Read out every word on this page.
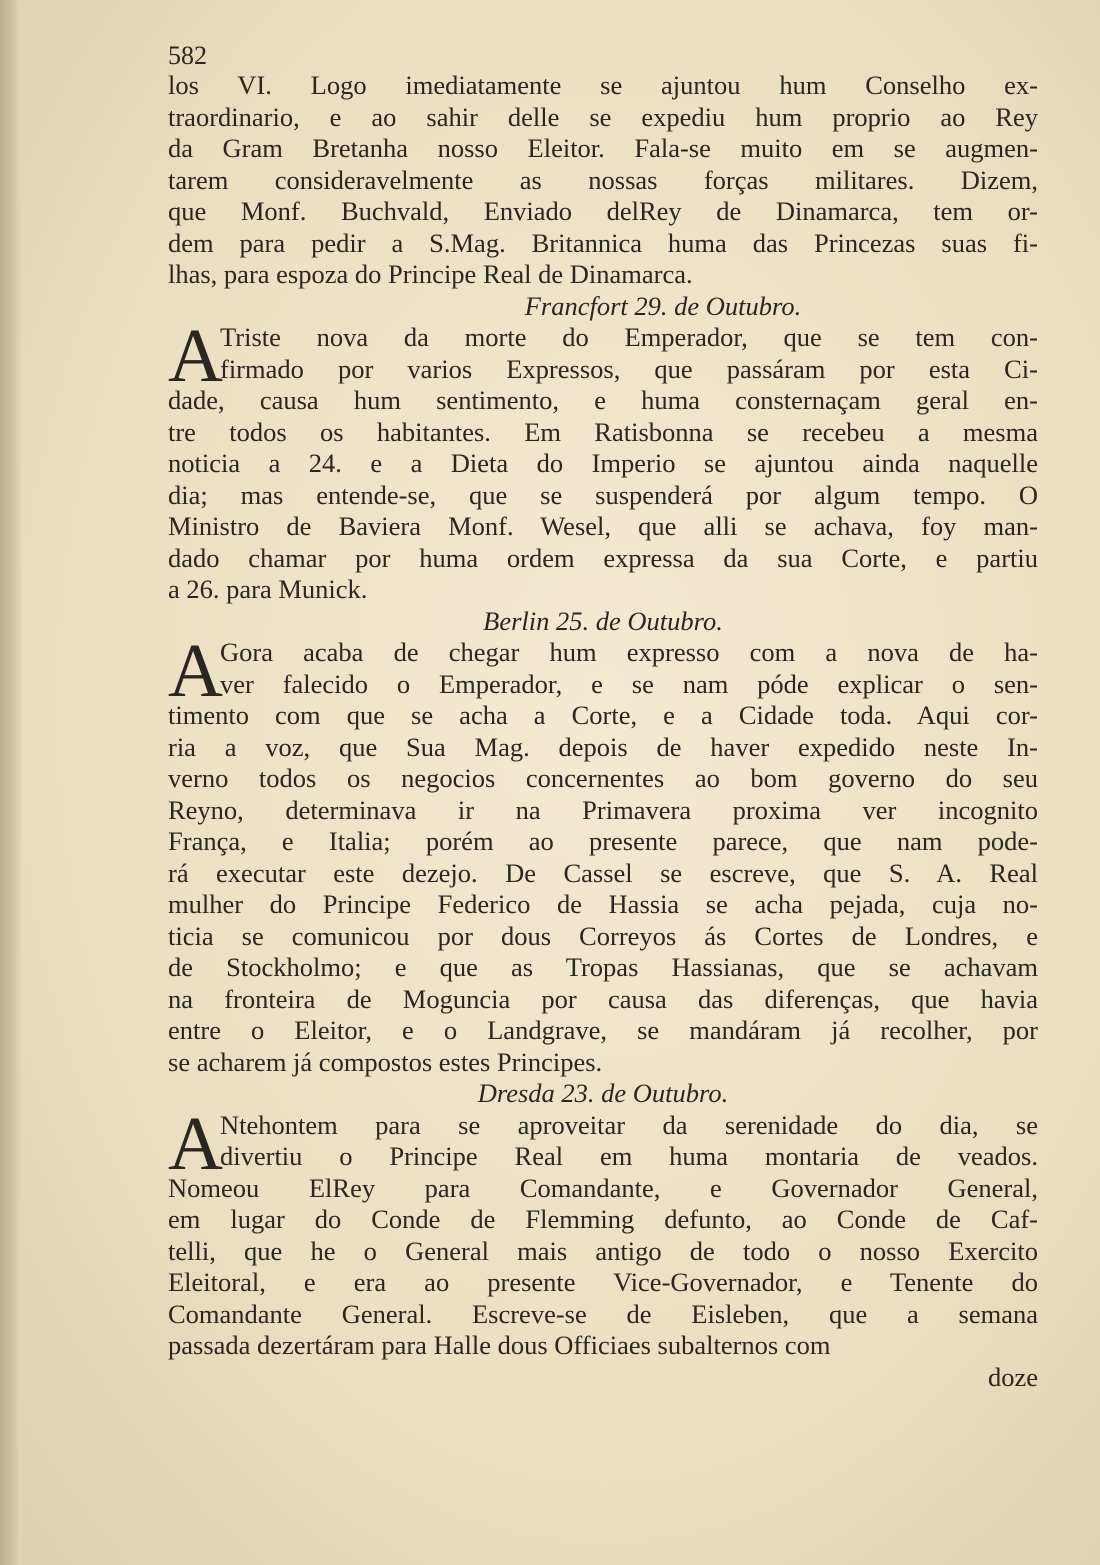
582
los VI. Logo imediatamente se ajuntou hum Conselho ex-
traordinario, e ao sahir delle se expediu hum proprio ao Rey
da Gram Bretanha nosso Eleitor. Fala-se muito em se augmen-
tarem consideravelmente as nossas forças militares. Dizem,
que Monf. Buchvald, Enviado delRey de Dinamarca, tem or-
dem para pedir a S.Mag. Britannica huma das Princezas suas fi-
lhas, para espoza do Principe Real de Dinamarca.
Francfort 29. de Outubro.
A
Triste nova da morte do Emperador, que se tem con-
firmado por varios Expressos, que passáram por esta Ci-
dade, causa hum sentimento, e huma consternaçam geral en-
tre todos os habitantes. Em Ratisbonna se recebeu a mesma
noticia a 24. e a Dieta do Imperio se ajuntou ainda naquelle
dia; mas entende-se, que se suspenderá por algum tempo. O
Ministro de Baviera Monf. Wesel, que alli se achava, foy man-
dado chamar por huma ordem expressa da sua Corte, e partiu
a 26. para Munick.
Berlin 25. de Outubro.
A
Gora acaba de chegar hum expresso com a nova de ha-
ver falecido o Emperador, e se nam póde explicar o sen-
timento com que se acha a Corte, e a Cidade toda. Aqui cor-
ria a voz, que Sua Mag. depois de haver expedido neste In-
verno todos os negocios concernentes ao bom governo do seu
Reyno, determinava ir na Primavera proxima ver incognito
França, e Italia; porém ao presente parece, que nam pode-
rá executar este dezejo. De Cassel se escreve, que S. A. Real
mulher do Principe Federico de Hassia se acha pejada, cuja no-
ticia se comunicou por dous Correyos ás Cortes de Londres, e
de Stockholmo; e que as Tropas Hassianas, que se achavam
na fronteira de Moguncia por causa das diferenças, que havia
entre o Eleitor, e o Landgrave, se mandáram já recolher, por
se acharem já compostos estes Principes.
Dresda 23. de Outubro.
A
Ntehontem para se aproveitar da serenidade do dia, se
divertiu o Principe Real em huma montaria de veados.
Nomeou ElRey para Comandante, e Governador General,
em lugar do Conde de Flemming defunto, ao Conde de Caf-
telli, que he o General mais antigo de todo o nosso Exercito
Eleitoral, e era ao presente Vice-Governador, e Tenente do
Comandante General. Escreve-se de Eisleben, que a semana
passada dezertáram para Halle dous Officiaes subalternos com
doze
